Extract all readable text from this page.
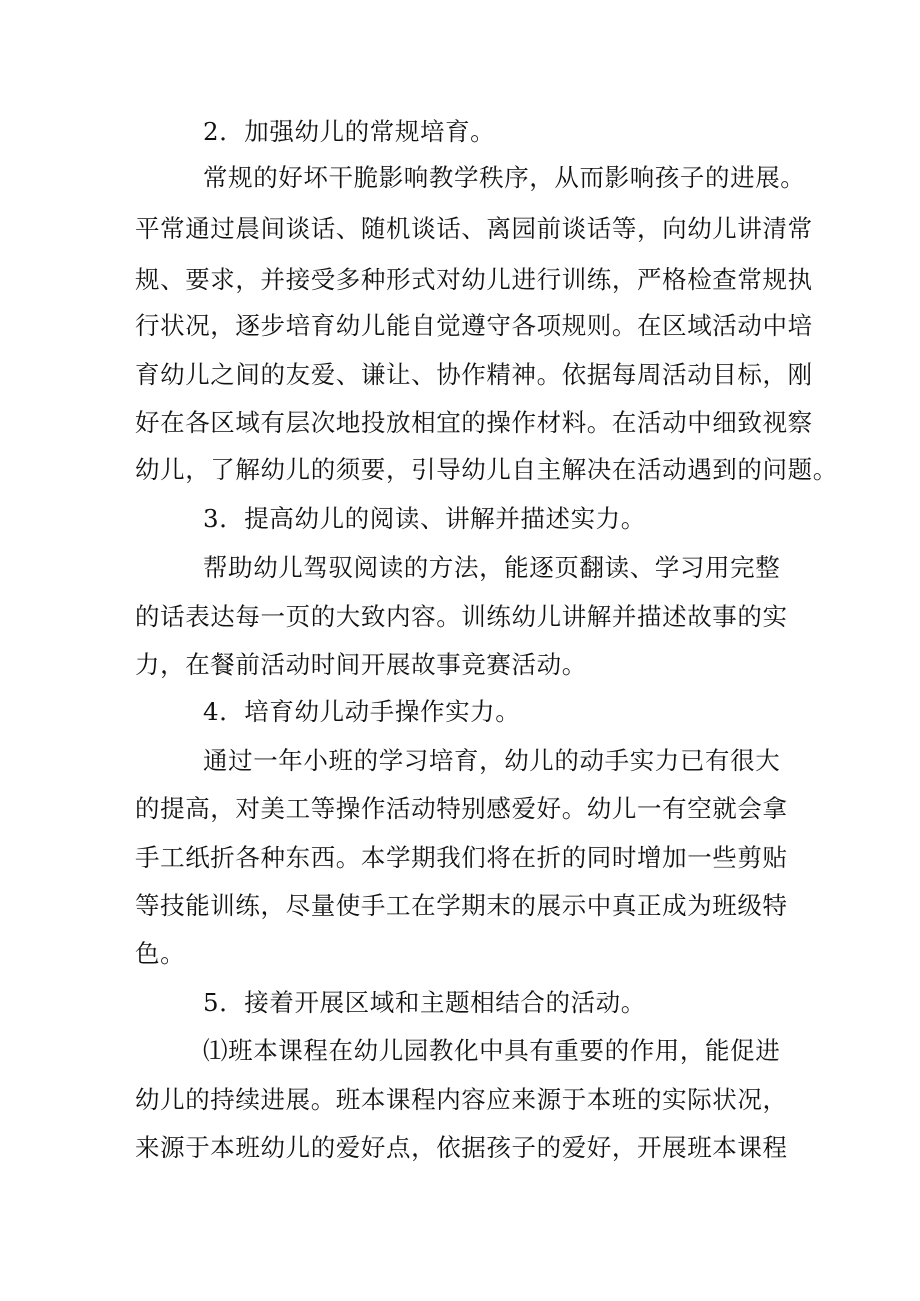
2．加强幼儿的常规培育。
常规的好坏干脆影响教学秩序，从而影响孩子的进展。
平常通过晨间谈话、随机谈话、离园前谈话等，向幼儿讲清常
规、要求，并接受多种形式对幼儿进行训练，严格检查常规执
行状况，逐步培育幼儿能自觉遵守各项规则。在区域活动中培
育幼儿之间的友爱、谦让、协作精神。依据每周活动目标，刚
好在各区域有层次地投放相宜的操作材料。在活动中细致视察
幼儿，了解幼儿的须要，引导幼儿自主解决在活动遇到的问题。
3．提高幼儿的阅读、讲解并描述实力。
帮助幼儿驾驭阅读的方法，能逐页翻读、学习用完整
的话表达每一页的大致内容。训练幼儿讲解并描述故事的实
力，在餐前活动时间开展故事竞赛活动。
4．培育幼儿动手操作实力。
通过一年小班的学习培育，幼儿的动手实力已有很大
的提高，对美工等操作活动特别感爱好。幼儿一有空就会拿
手工纸折各种东西。本学期我们将在折的同时增加一些剪贴
等技能训练，尽量使手工在学期末的展示中真正成为班级特
色。
5．接着开展区域和主题相结合的活动。
⑴班本课程在幼儿园教化中具有重要的作用，能促进
幼儿的持续进展。班本课程内容应来源于本班的实际状况，
来源于本班幼儿的爱好点，依据孩子的爱好，开展班本课程
